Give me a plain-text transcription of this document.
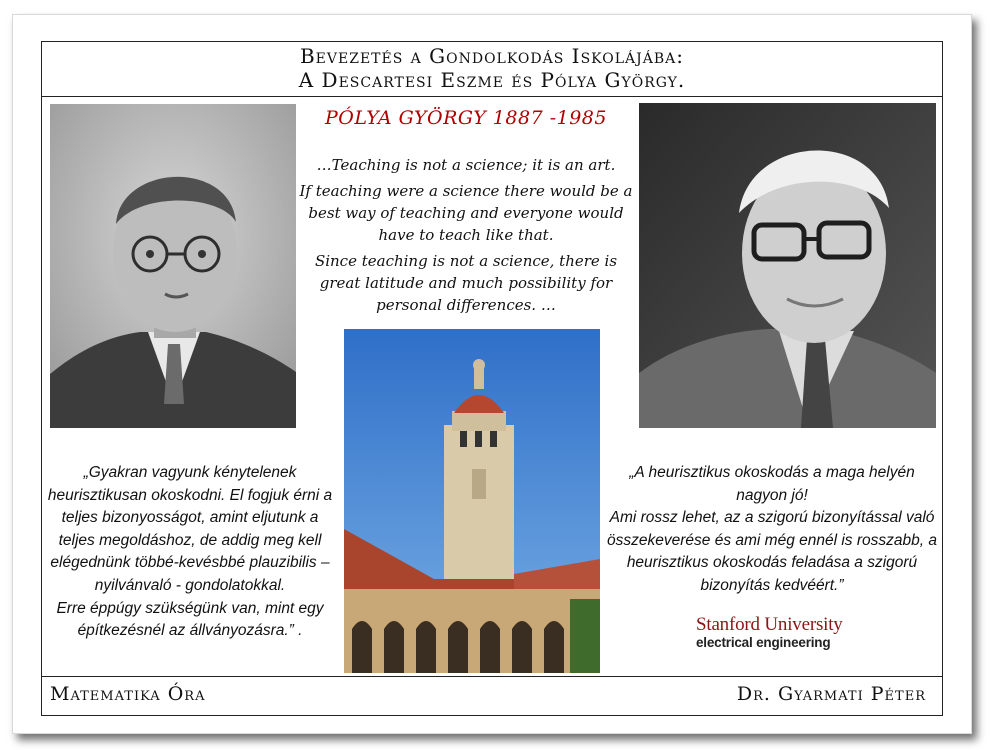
Bevezetés a Gondolkodás Iskolájába:
A Descartesi Eszme és Pólya György.
PÓLYA GYÖRGY 1887 -1985

…Teaching is not a science; it is an art.

If teaching were a science there would be a best way of teaching and everyone would have to teach like that.

Since teaching is not a science, there is great latitude and much possibility for personal differences. …

„Gyakran vagyunk kénytelenek heurisztikusan okoskodni. El fogjuk érni a teljes bizonyosságot, amint eljutunk a teljes megoldáshoz, de addig meg kell elégednünk többé-kevésbbé plauzibilis – nyilvánvaló - gondolatokkal.

Erre éppúgy szükségünk van, mint egy építkezésnél az állványozásra.” .

„A heurisztikus okoskodás a maga helyén nagyon jó!

Ami rossz lehet, az a szigorú bizonyítással való összekeverése és ami még ennél is rosszabb, a heurisztikus okoskodás feladása a szigorú bizonyítás kedvéért.”

Stanford University
electrical engineering
Matematika Óra	Dr. Gyarmati Péter
